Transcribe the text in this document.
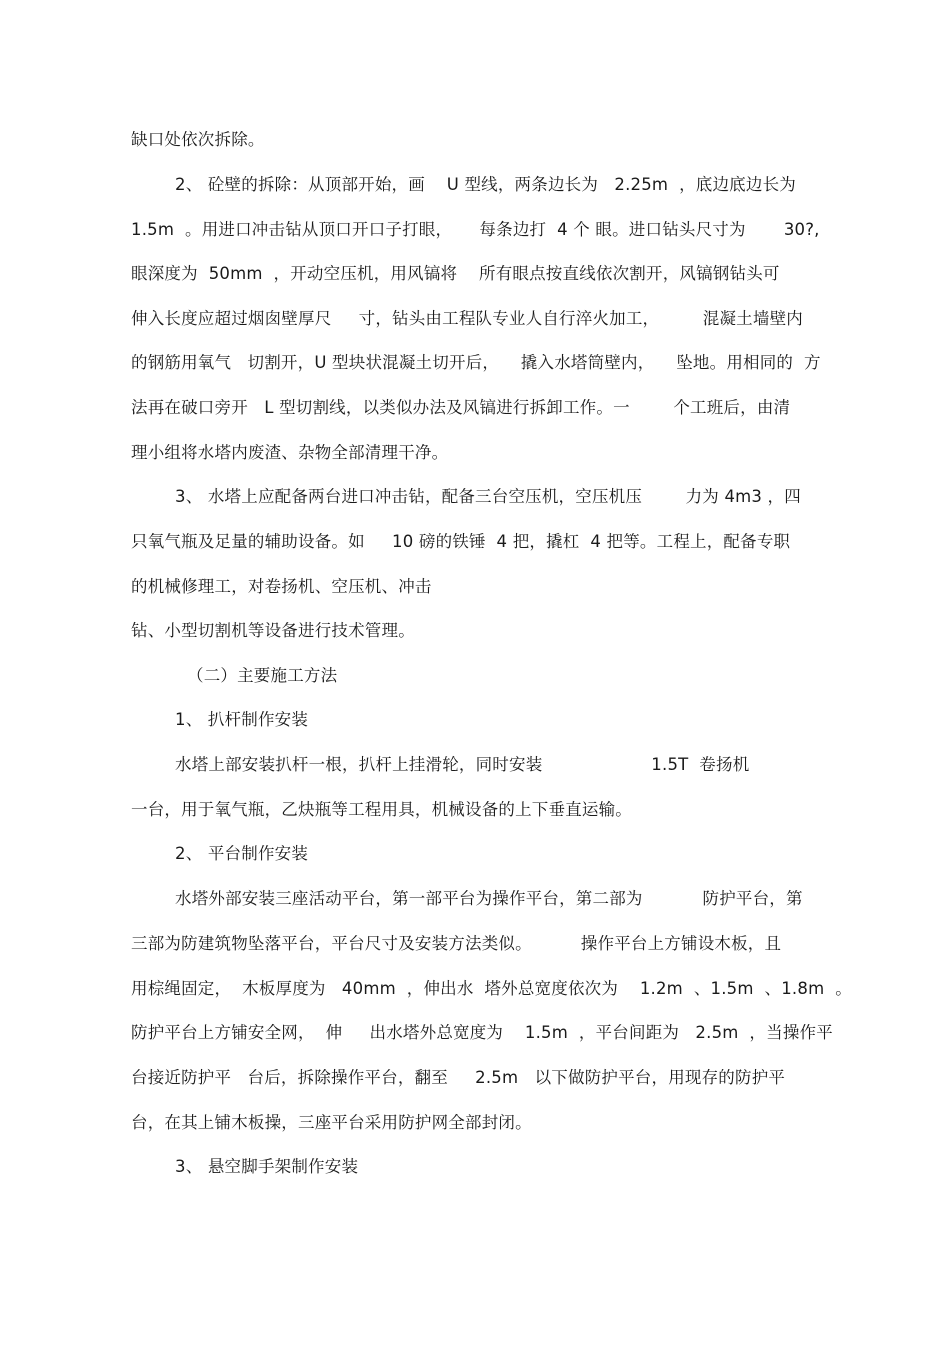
缺口处依次拆除。
2、 砼壁的拆除：从顶部开始，画    U 型线，两条边长为   2.25m  ，底边底边长为
1.5m  。用进口冲击钻从顶口开口子打眼，     每条边打  4 个 眼。进口钻头尺寸为       30?,
眼深度为  50mm  ，开动空压机，用风镐将    所有眼点按直线依次割开，风镐钢钻头可
伸入长度应超过烟囱壁厚尺     寸，钻头由工程队专业人自行淬火加工，        混凝土墙壁内
的钢筋用氧气   切割开，U 型块状混凝土切开后，    撬入水塔筒壁内，    坠地。用相同的  方
法再在破口旁开   L 型切割线，以类似办法及风镐进行拆卸工作。一        个工班后，由清
理小组将水塔内废渣、杂物全部清理干净。
3、 水塔上应配备两台进口冲击钻，配备三台空压机，空压机压        力为 4m3 ，四
只氧气瓶及足量的辅助设备。如     10 磅的铁锤  4 把，撬杠  4 把等。工程上，配备专职
的机械修理工，对卷扬机、空压机、冲击
钻、小型切割机等设备进行技术管理。
（二）主要施工方法
1、 扒杆制作安装
水塔上部安装扒杆一根，扒杆上挂滑轮，同时安装                    1.5T  卷扬机
一台，用于氧气瓶，乙炔瓶等工程用具，机械设备的上下垂直运输。
2、 平台制作安装
水塔外部安装三座活动平台，第一部平台为操作平台，第二部为           防护平台，第
三部为防建筑物坠落平台，平台尺寸及安装方法类似。         操作平台上方铺设木板，且
用棕绳固定，  木板厚度为   40mm  ，伸出水  塔外总宽度依次为    1.2m  、1.5m  、1.8m  。
防护平台上方铺安全网，  伸     出水塔外总宽度为    1.5m  ，平台间距为   2.5m  ，当操作平
台接近防护平   台后，拆除操作平台，翻至     2.5m   以下做防护平台，用现存的防护平
台，在其上铺木板操，三座平台采用防护网全部封闭。
3、 悬空脚手架制作安装
